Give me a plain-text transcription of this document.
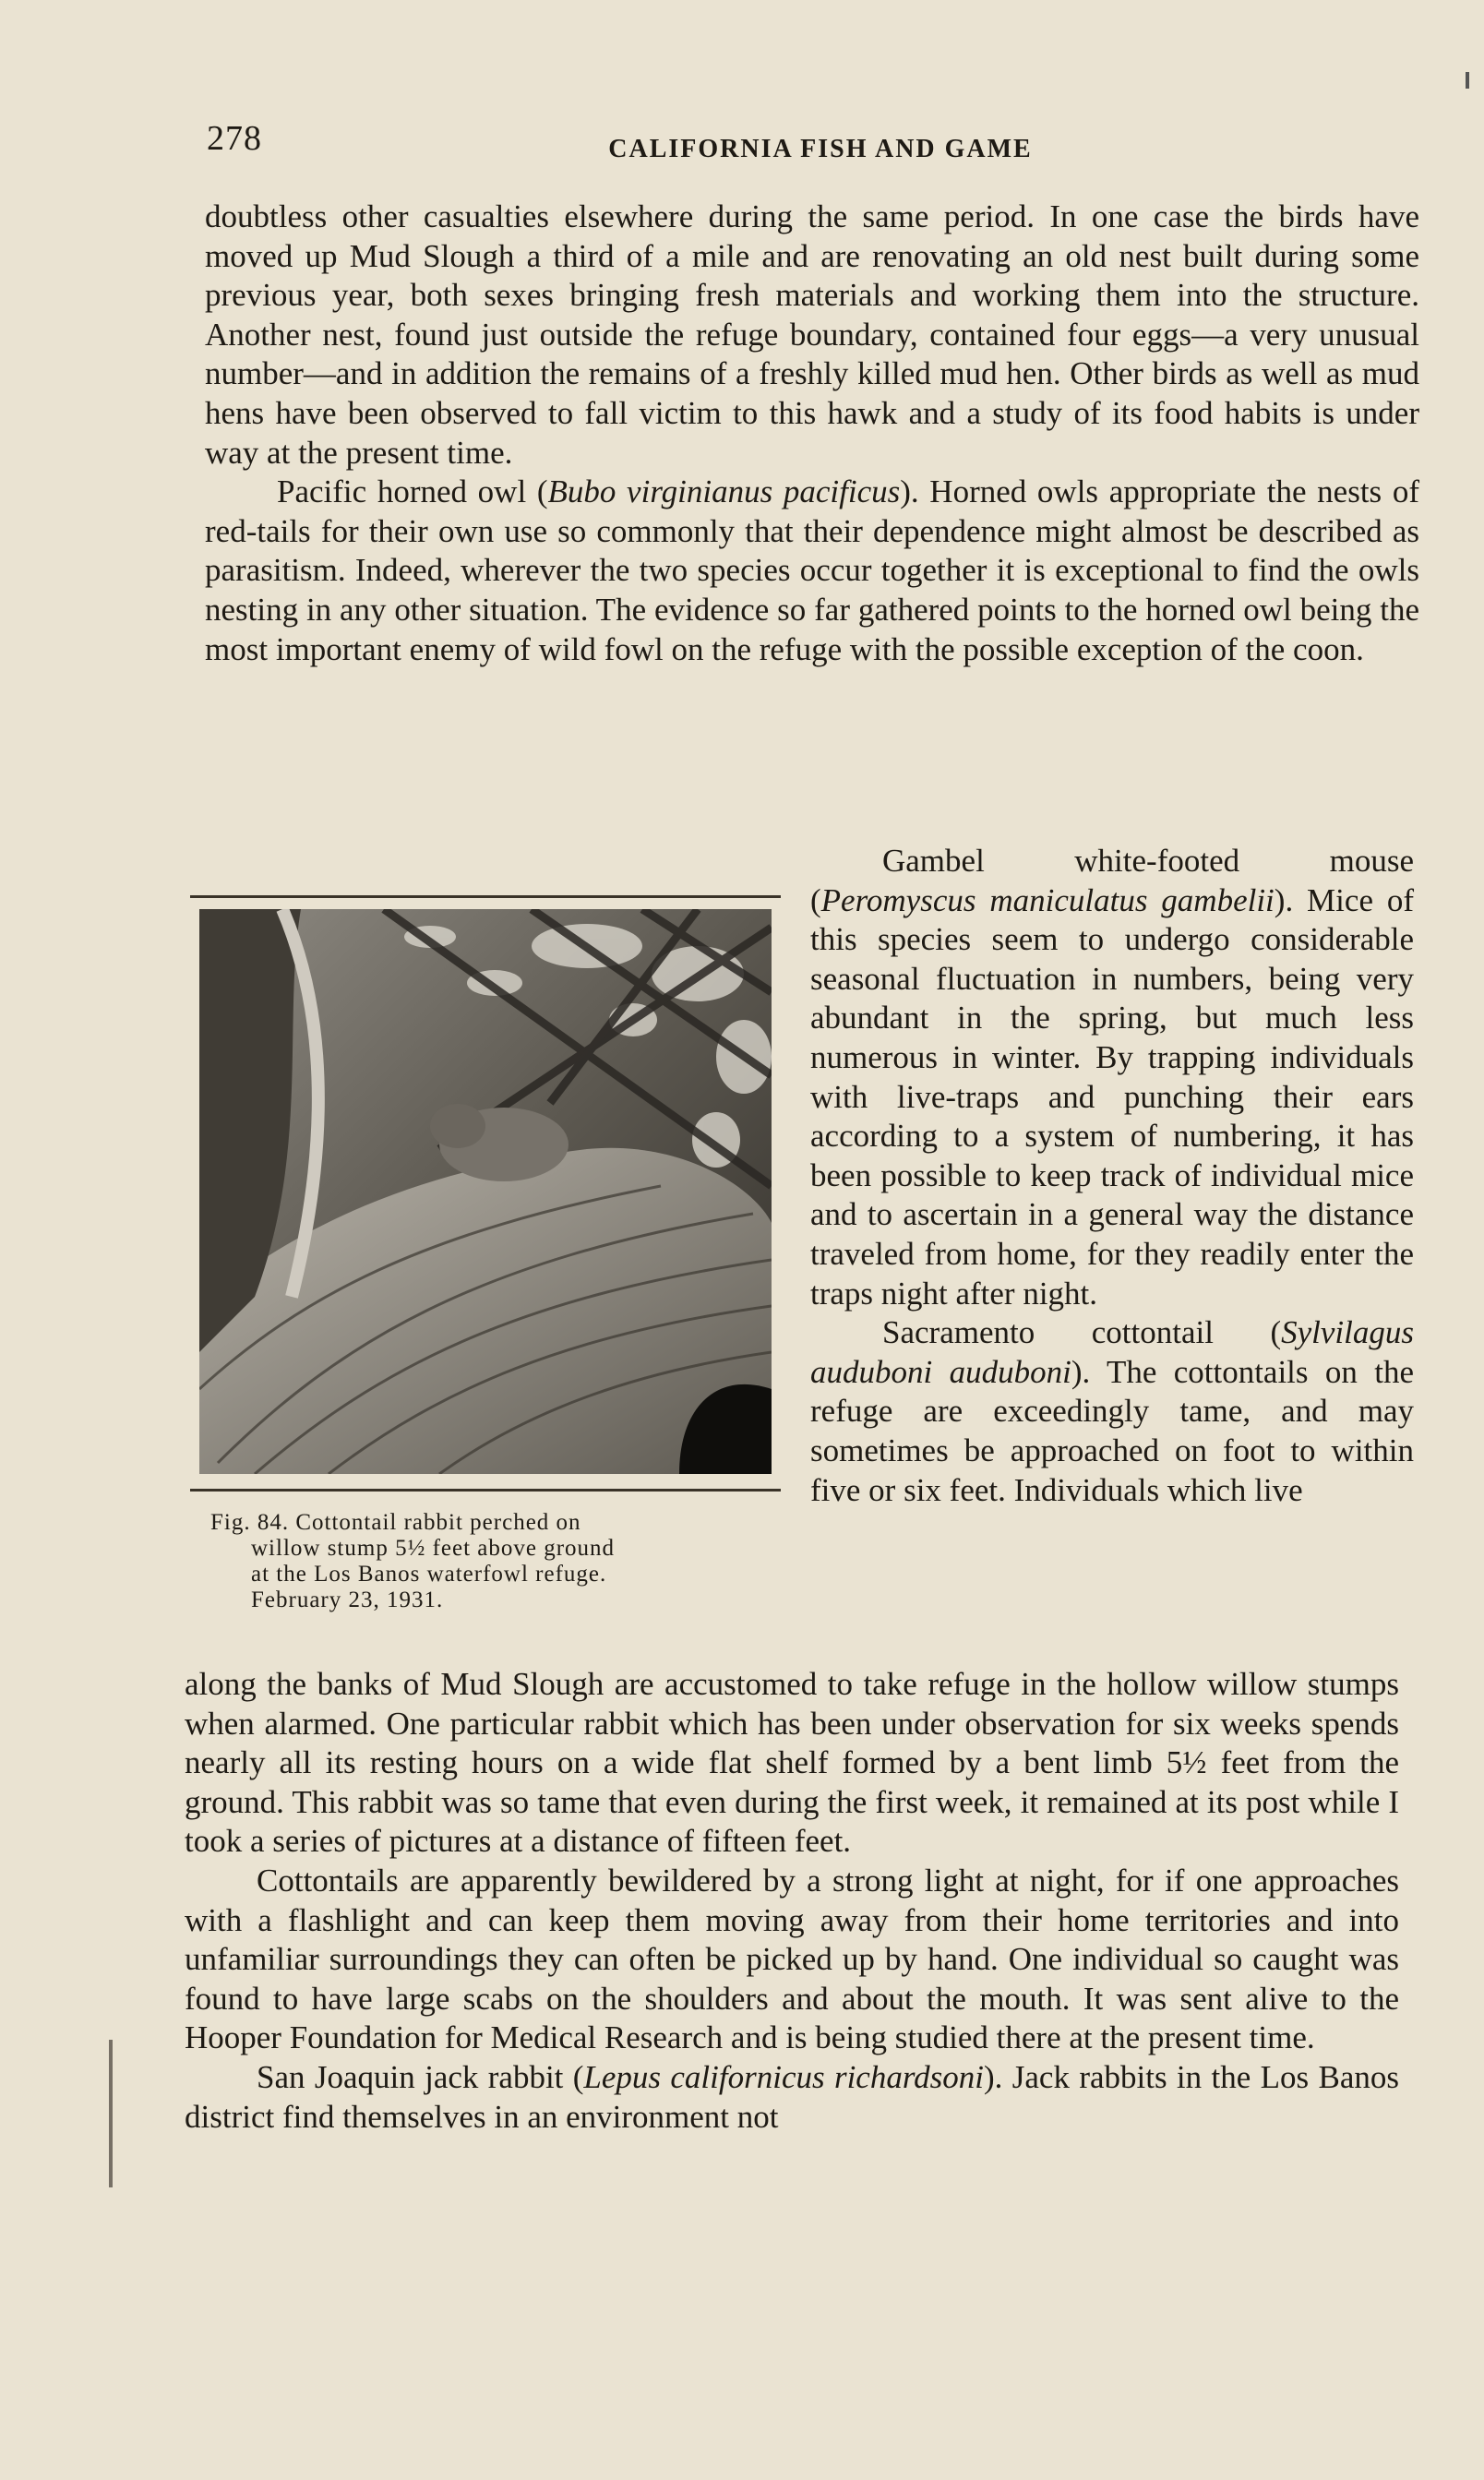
278	CALIFORNIA FISH AND GAME

doubtless other casualties elsewhere during the same period. In one case the birds have moved up Mud Slough a third of a mile and are renovating an old nest built during some previous year, both sexes bringing fresh materials and working them into the structure. Another nest, found just outside the refuge boundary, contained four eggs—a very unusual number—and in addition the remains of a freshly killed mud hen. Other birds as well as mud hens have been observed to fall victim to this hawk and a study of its food habits is under way at the present time.

Pacific horned owl (Bubo virginianus pacificus). Horned owls appropriate the nests of red-tails for their own use so commonly that their dependence might almost be described as parasitism. Indeed, wherever the two species occur together it is exceptional to find the owls nesting in any other situation. The evidence so far gathered points to the horned owl being the most important enemy of wild fowl on the refuge with the possible exception of the coon.

Fig. 84. Cottontail rabbit perched on
willow stump 5½ feet above ground
at the Los Banos waterfowl refuge.
February 23, 1931.

Gambel white-footed mouse (Peromyscus maniculatus gambelii). Mice of this species seem to undergo considerable seasonal fluctuation in numbers, being very abundant in the spring, but much less numerous in winter. By trapping individuals with live-traps and punching their ears according to a system of numbering, it has been possible to keep track of individual mice and to ascertain in a general way the distance traveled from home, for they readily enter the traps night after night.

Sacramento cottontail (Sylvilagus auduboni auduboni). The cottontails on the refuge are exceedingly tame, and may sometimes be approached on foot to within five or six feet. Individuals which live

along the banks of Mud Slough are accustomed to take refuge in the hollow willow stumps when alarmed. One particular rabbit which has been under observation for six weeks spends nearly all its resting hours on a wide flat shelf formed by a bent limb 5½ feet from the ground. This rabbit was so tame that even during the first week, it remained at its post while I took a series of pictures at a distance of fifteen feet.

Cottontails are apparently bewildered by a strong light at night, for if one approaches with a flashlight and can keep them moving away from their home territories and into unfamiliar surroundings they can often be picked up by hand. One individual so caught was found to have large scabs on the shoulders and about the mouth. It was sent alive to the Hooper Foundation for Medical Research and is being studied there at the present time.

San Joaquin jack rabbit (Lepus californicus richardsoni). Jack rabbits in the Los Banos district find themselves in an environment not
